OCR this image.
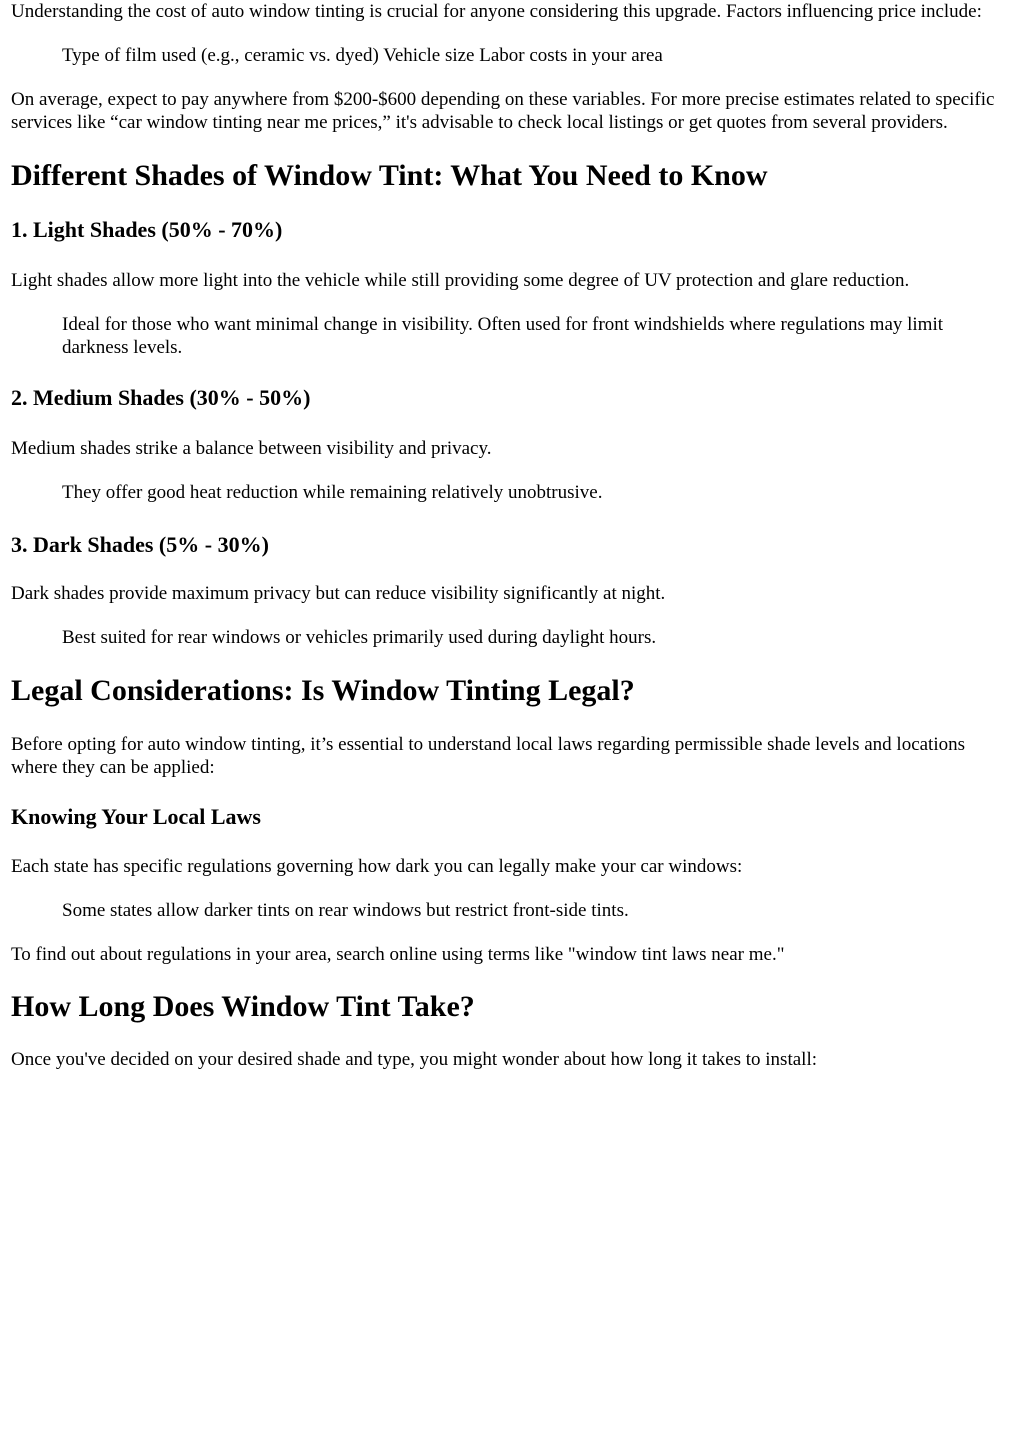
Understanding the cost of auto window tinting is crucial for anyone considering this upgrade. Factors influencing price include:

Type of film used (e.g., ceramic vs. dyed) Vehicle size Labor costs in your area

On average, expect to pay anywhere from $200-$600 depending on these variables. For more precise estimates related to specific services like “car window tinting near me prices,” it's advisable to check local listings or get quotes from several providers.

Different Shades of Window Tint: What You Need to Know
1. Light Shades (50% - 70%)

Light shades allow more light into the vehicle while still providing some degree of UV protection and glare reduction.

Ideal for those who want minimal change in visibility. Often used for front windshields where regulations may limit darkness levels.

2. Medium Shades (30% - 50%)

Medium shades strike a balance between visibility and privacy.

They offer good heat reduction while remaining relatively unobtrusive.

3. Dark Shades (5% - 30%)

Dark shades provide maximum privacy but can reduce visibility significantly at night.

Best suited for rear windows or vehicles primarily used during daylight hours.

Legal Considerations: Is Window Tinting Legal?

Before opting for auto window tinting, it’s essential to understand local laws regarding permissible shade levels and locations where they can be applied:

Knowing Your Local Laws

Each state has specific regulations governing how dark you can legally make your car windows:

Some states allow darker tints on rear windows but restrict front-side tints.

To find out about regulations in your area, search online using terms like "window tint laws near me."

How Long Does Window Tint Take?

Once you've decided on your desired shade and type, you might wonder about how long it takes to install:
